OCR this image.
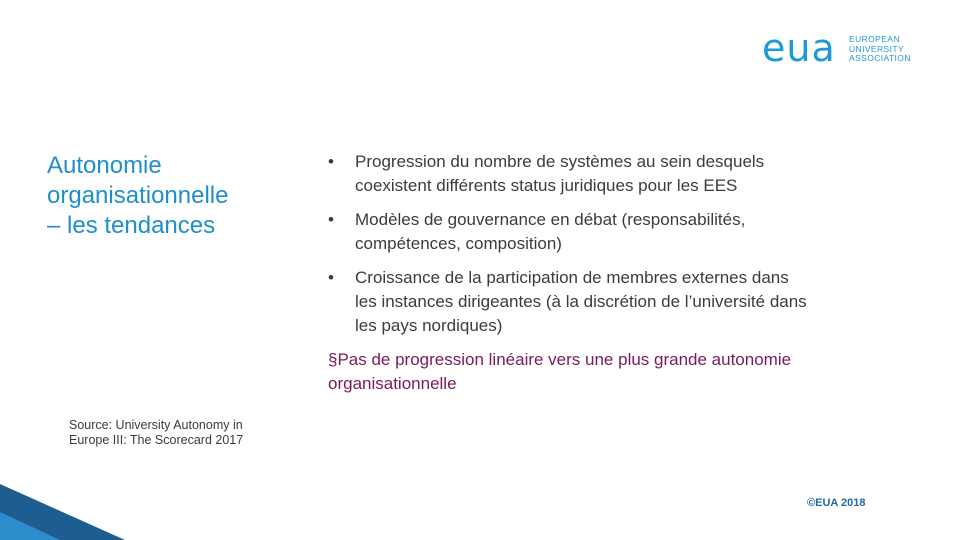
eua EUROPEAN
UNIVERSITY
ASSOCIATION
Autonomie
organisationnelle
– les tendances
• Progression du nombre de systèmes au sein desquels
coexistent différents status juridiques pour les EES
• Modèles de gouvernance en débat (responsabilités,
compétences, composition)
• Croissance de la participation de membres externes dans
les instances dirigeantes (à la discrétion de l’université dans
les pays nordiques)
§Pas de progression linéaire vers une plus grande autonomie
organisationnelle
Source: University Autonomy in
Europe III: The Scorecard 2017
©EUA 2018
